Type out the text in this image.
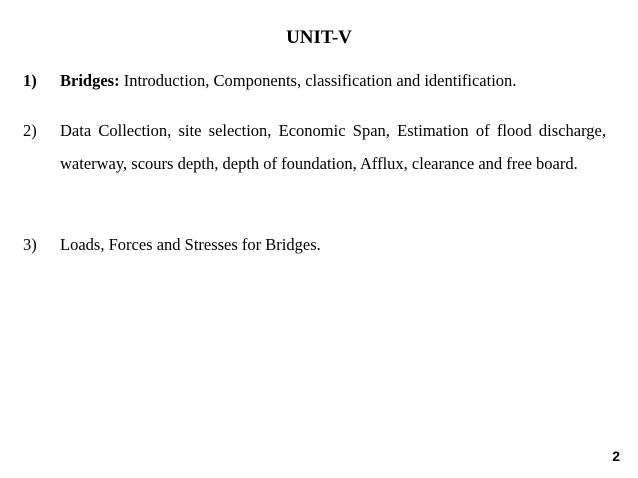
UNIT-V
1)	Bridges: Introduction, Components, classification and identification.
2)	Data Collection, site selection, Economic Span, Estimation of flood discharge, waterway, scours depth, depth of foundation, Afflux, clearance and free board.
3)	Loads, Forces and Stresses for Bridges.
2
